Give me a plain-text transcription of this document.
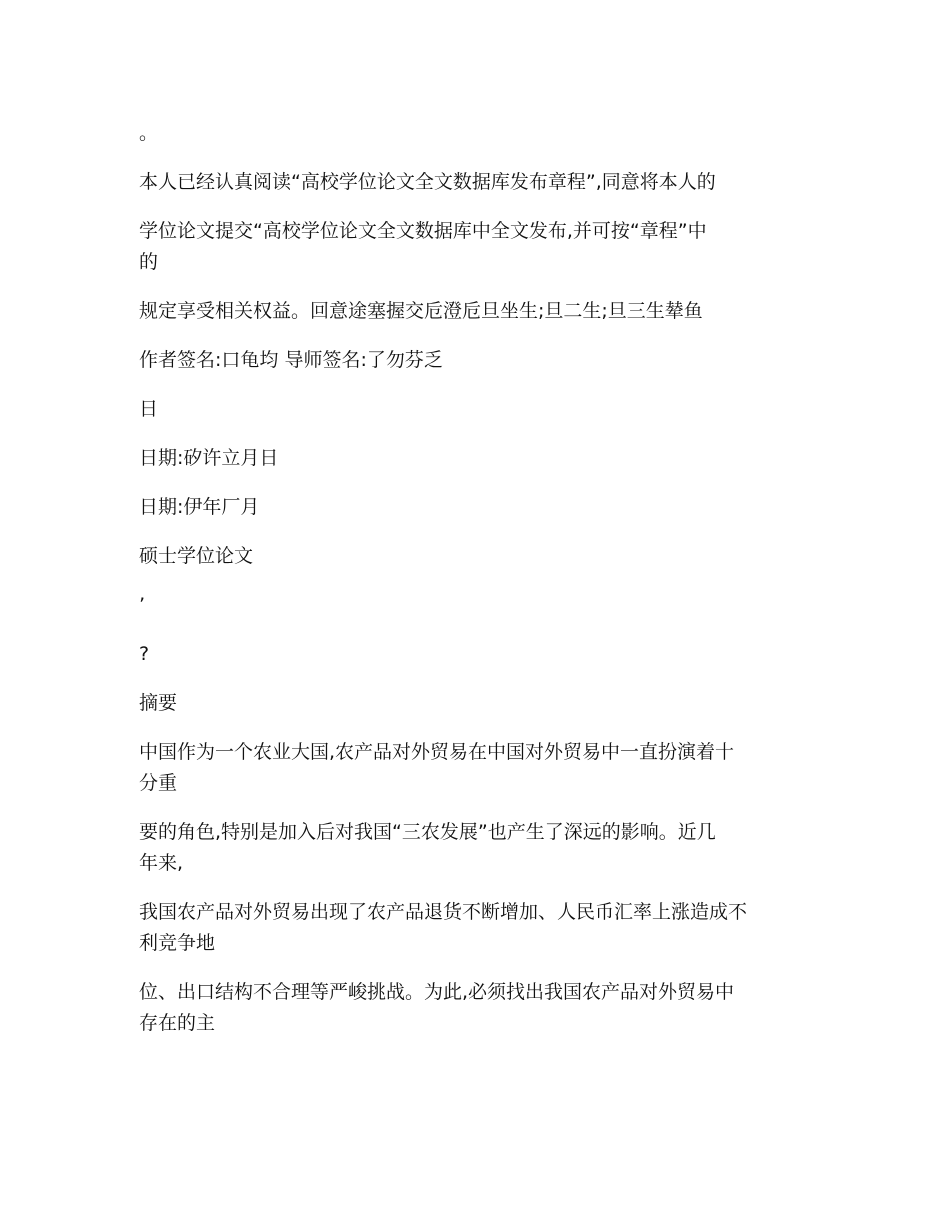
。

本人已经认真阅读“高校学位论文全文数据库发布章程”,同意将本人的

学位论文提交“高校学位论文全文数据库中全文发布,并可按“章程”中
的

规定享受相关权益。回意途塞握交卮澄卮旦坐生;旦二生;旦三生辇鱼

作者签名:口龟均 导师签名:了勿芬乏

日

日期:矽许立月日

日期:伊年厂月

硕士学位论文

’

?

摘要

中国作为一个农业大国,农产品对外贸易在中国对外贸易中一直扮演着十
分重

要的角色,特别是加入后对我国“三农发展”也产生了深远的影响。近几
年来,

我国农产品对外贸易出现了农产品退货不断增加、人民币汇率上涨造成不
利竞争地

位、出口结构不合理等严峻挑战。为此,必须找出我国农产品对外贸易中
存在的主
